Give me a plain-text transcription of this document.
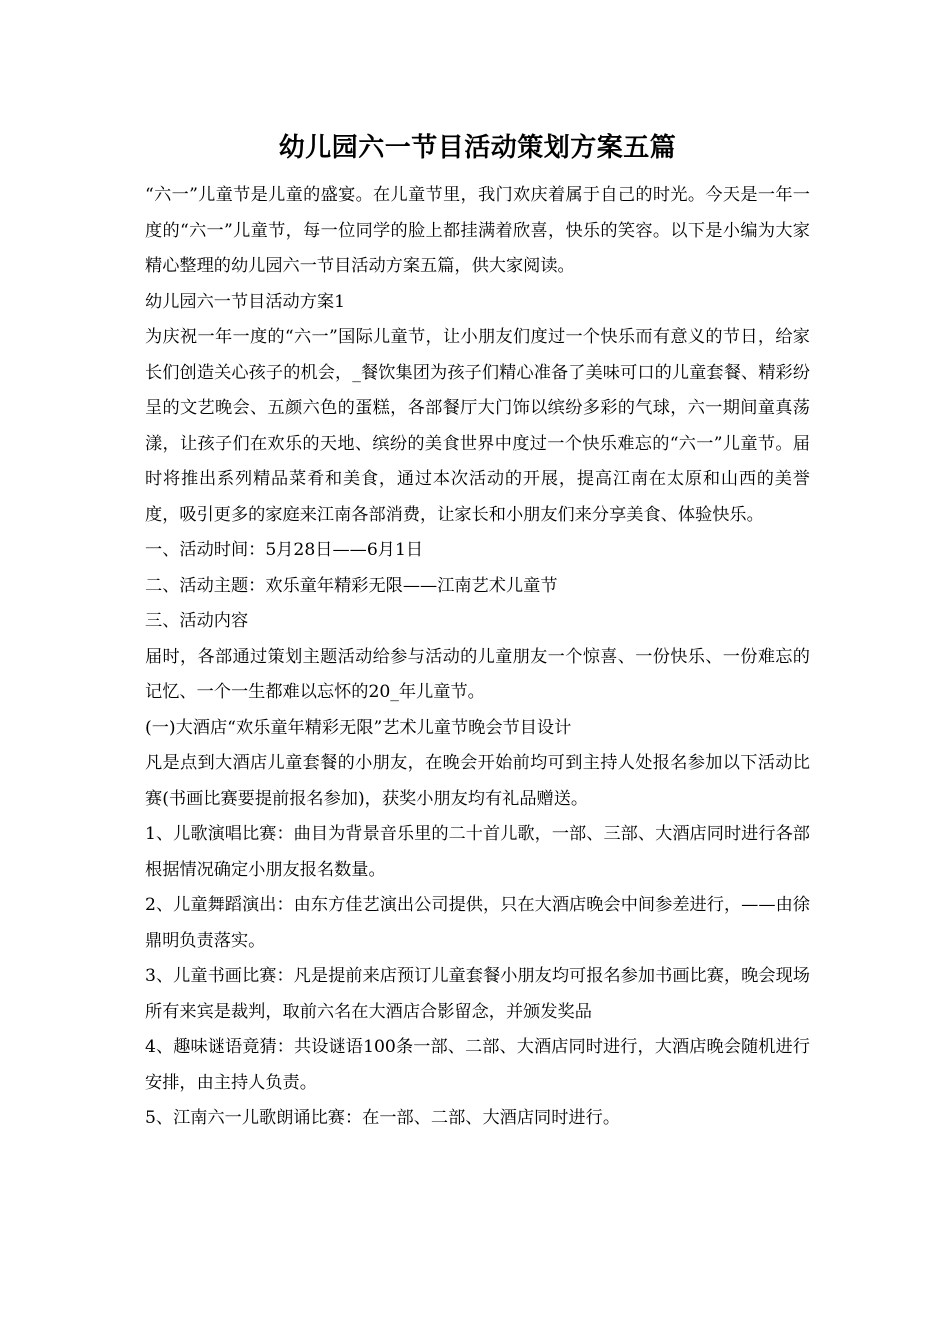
幼儿园六一节目活动策划方案五篇

“六一”儿童节是儿童的盛宴。在儿童节里，我门欢庆着属于自己的时光。今天是一年一度的“六一”儿童节，每一位同学的脸上都挂满着欣喜，快乐的笑容。以下是小编为大家精心整理的幼儿园六一节目活动方案五篇，供大家阅读。

幼儿园六一节目活动方案1

为庆祝一年一度的“六一”国际儿童节，让小朋友们度过一个快乐而有意义的节日，给家长们创造关心孩子的机会，_餐饮集团为孩子们精心准备了美味可口的儿童套餐、精彩纷呈的文艺晚会、五颜六色的蛋糕，各部餐厅大门饰以缤纷多彩的气球，六一期间童真荡漾，让孩子们在欢乐的天地、缤纷的美食世界中度过一个快乐难忘的“六一”儿童节。届时将推出系列精品菜肴和美食，通过本次活动的开展，提高江南在太原和山西的美誉度，吸引更多的家庭来江南各部消费，让家长和小朋友们来分享美食、体验快乐。

一、活动时间：5月28日——6月1日

二、活动主题：欢乐童年精彩无限——江南艺术儿童节

三、活动内容

届时，各部通过策划主题活动给参与活动的儿童朋友一个惊喜、一份快乐、一份难忘的记忆、一个一生都难以忘怀的20_年儿童节。

(一)大酒店“欢乐童年精彩无限”艺术儿童节晚会节目设计

凡是点到大酒店儿童套餐的小朋友，在晚会开始前均可到主持人处报名参加以下活动比赛(书画比赛要提前报名参加)，获奖小朋友均有礼品赠送。

1、儿歌演唱比赛：曲目为背景音乐里的二十首儿歌，一部、三部、大酒店同时进行各部根据情况确定小朋友报名数量。

2、儿童舞蹈演出：由东方佳艺演出公司提供，只在大酒店晚会中间参差进行，——由徐鼎明负责落实。

3、儿童书画比赛：凡是提前来店预订儿童套餐小朋友均可报名参加书画比赛，晚会现场所有来宾是裁判，取前六名在大酒店合影留念，并颁发奖品

4、趣味谜语竟猜：共设谜语100条一部、二部、大酒店同时进行，大酒店晚会随机进行安排，由主持人负责。

5、江南六一儿歌朗诵比赛：在一部、二部、大酒店同时进行。
